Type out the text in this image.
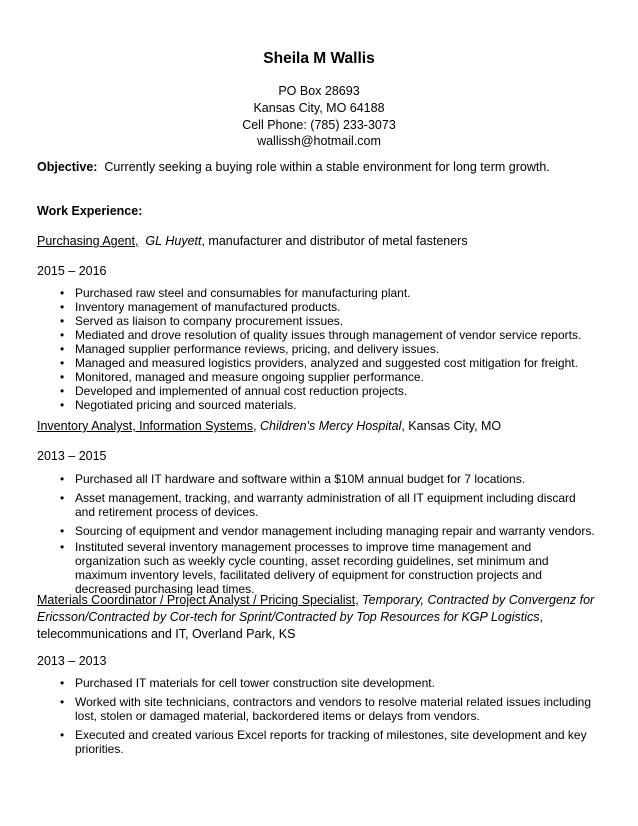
Sheila M Wallis
PO Box 28693
Kansas City, MO 64188
Cell Phone: (785) 233-3073
wallissh@hotmail.com
Objective: Currently seeking a buying role within a stable environment for long term growth.
Work Experience:
Purchasing Agent, GL Huyett, manufacturer and distributor of metal fasteners
2015 – 2016
• Purchased raw steel and consumables for manufacturing plant.
• Inventory management of manufactured products.
• Served as liaison to company procurement issues.
• Mediated and drove resolution of quality issues through management of vendor service reports.
• Managed supplier performance reviews, pricing, and delivery issues.
• Managed and measured logistics providers, analyzed and suggested cost mitigation for freight.
• Monitored, managed and measure ongoing supplier performance.
• Developed and implemented of annual cost reduction projects.
• Negotiated pricing and sourced materials.
Inventory Analyst, Information Systems, Children's Mercy Hospital, Kansas City, MO
2013 – 2015
• Purchased all IT hardware and software within a $10M annual budget for 7 locations.
• Asset management, tracking, and warranty administration of all IT equipment including discard and retirement process of devices.
• Sourcing of equipment and vendor management including managing repair and warranty vendors.
• Instituted several inventory management processes to improve time management and organization such as weekly cycle counting, asset recording guidelines, set minimum and maximum inventory levels, facilitated delivery of equipment for construction projects and decreased purchasing lead times.
Materials Coordinator / Project Analyst / Pricing Specialist, Temporary, Contracted by Convergenz for
Ericsson/Contracted by Cor-tech for Sprint/Contracted by Top Resources for KGP Logistics,
telecommunications and IT, Overland Park, KS
2013 – 2013
• Purchased IT materials for cell tower construction site development.
• Worked with site technicians, contractors and vendors to resolve material related issues including lost, stolen or damaged material, backordered items or delays from vendors.
• Executed and created various Excel reports for tracking of milestones, site development and key priorities.
